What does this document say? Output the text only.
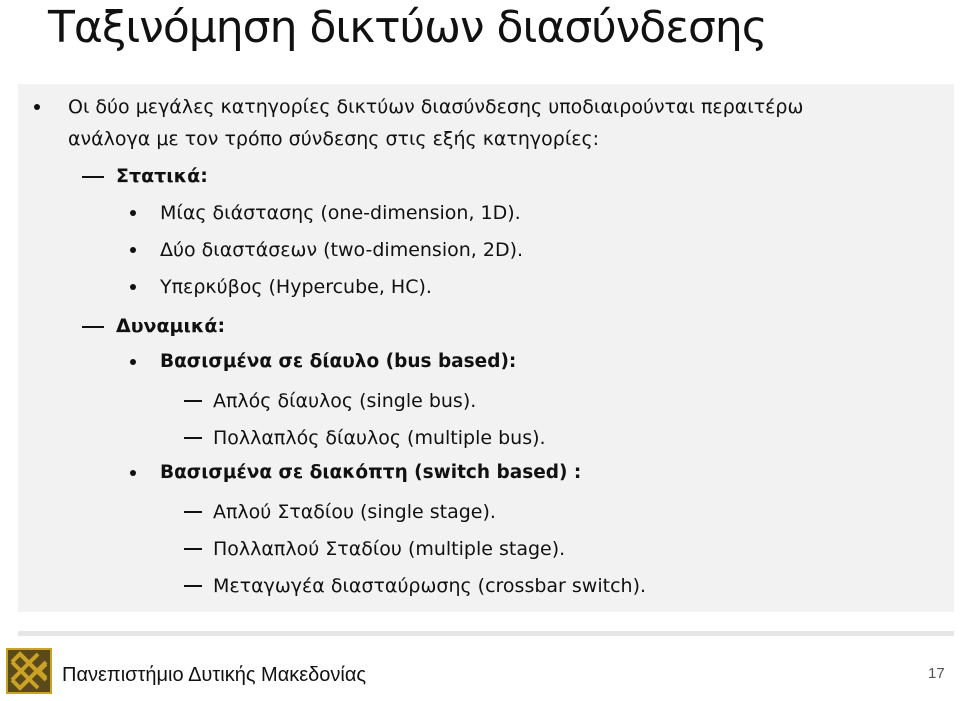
Ταξινόμηση δικτύων διασύνδεσης
Οι δύο μεγάλες κατηγορίες δικτύων διασύνδεσης υποδιαιρούνται περαιτέρω
ανάλογα με τον τρόπο σύνδεσης στις εξής κατηγορίες:
Στατικά:
Μίας διάστασης (one-dimension, 1D).
Δύο διαστάσεων (two-dimension, 2D).
Υπερκύβος (Hypercube, HC).
Δυναμικά:
Βασισμένα σε δίαυλο (bus based):
Απλός δίαυλος (single bus).
Πολλαπλός δίαυλος (multiple bus).
Βασισμένα σε διακόπτη (switch based) :
Απλού Σταδίου (single stage).
Πολλαπλού Σταδίου (multiple stage).
Μεταγωγέα διασταύρωσης (crossbar switch).
Πανεπιστήμιο Δυτικής Μακεδονίας	17
